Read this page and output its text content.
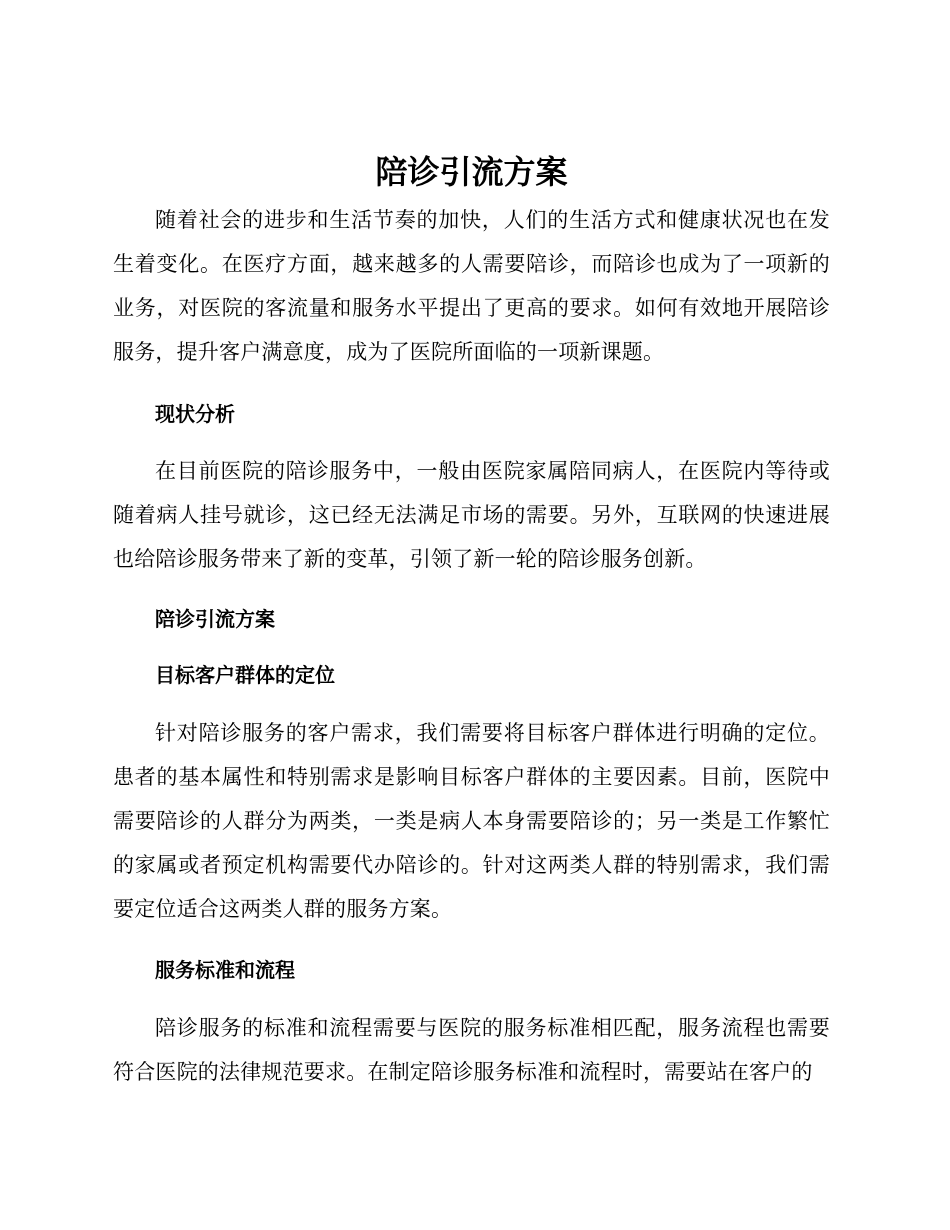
陪诊引流方案

随着社会的进步和生活节奏的加快，人们的生活方式和健康状况也在发生着变化。在医疗方面，越来越多的人需要陪诊，而陪诊也成为了一项新的业务，对医院的客流量和服务水平提出了更高的要求。如何有效地开展陪诊服务，提升客户满意度，成为了医院所面临的一项新课题。

现状分析

在目前医院的陪诊服务中，一般由医院家属陪同病人，在医院内等待或随着病人挂号就诊，这已经无法满足市场的需要。另外，互联网的快速进展也给陪诊服务带来了新的变革，引领了新一轮的陪诊服务创新。

陪诊引流方案
目标客户群体的定位

针对陪诊服务的客户需求，我们需要将目标客户群体进行明确的定位。患者的基本属性和特别需求是影响目标客户群体的主要因素。目前，医院中需要陪诊的人群分为两类，一类是病人本身需要陪诊的；另一类是工作繁忙的家属或者预定机构需要代办陪诊的。针对这两类人群的特别需求，我们需要定位适合这两类人群的服务方案。

服务标准和流程

陪诊服务的标准和流程需要与医院的服务标准相匹配，服务流程也需要符合医院的法律规范要求。在制定陪诊服务标准和流程时，需要站在客户的
